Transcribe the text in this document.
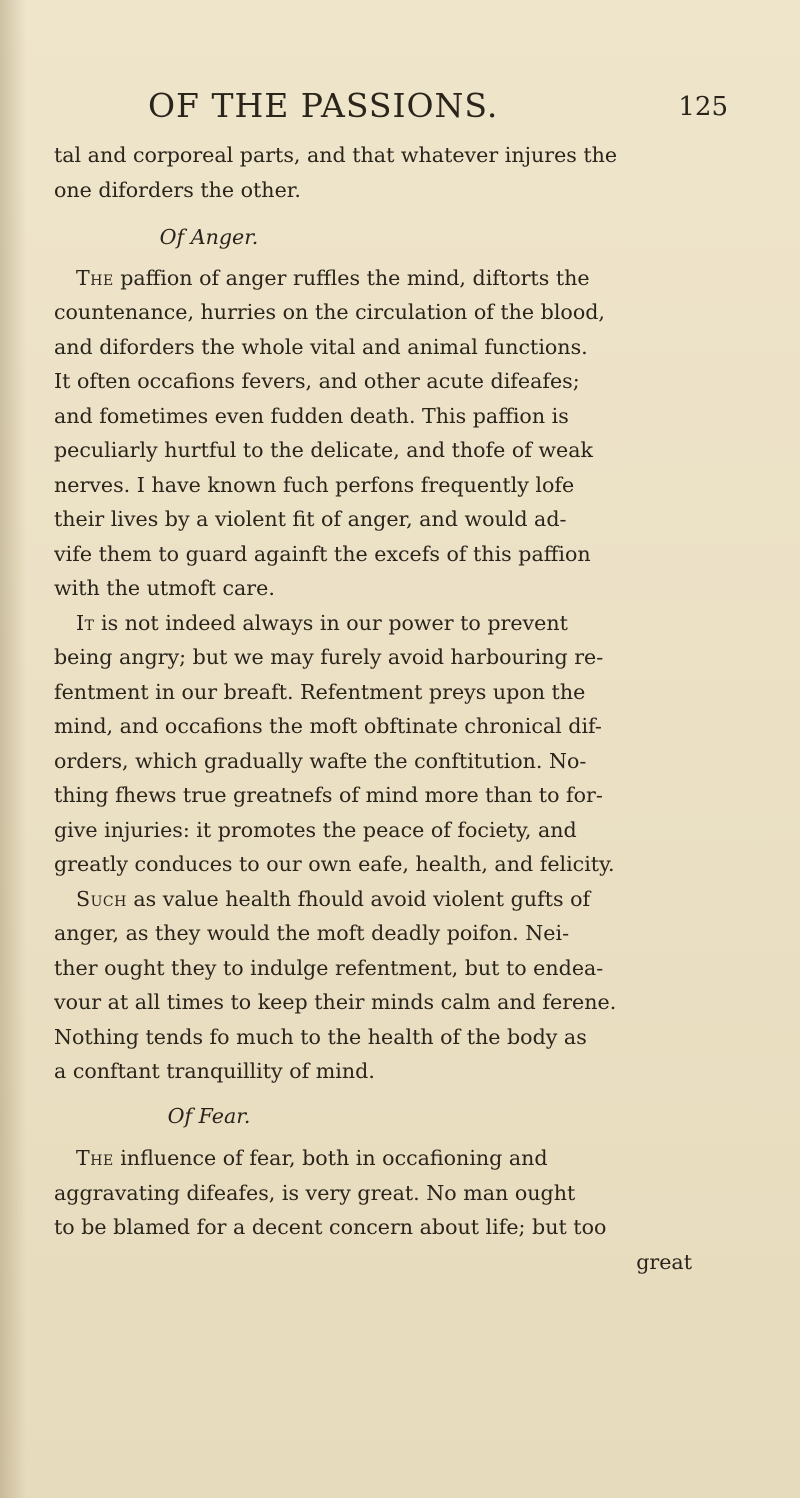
OF THE PASSIONS.	125
tal and corporeal parts, and that whatever injures the
one diforders the other.
Of Anger.
The paffion of anger ruffles the mind, diftorts the
countenance, hurries on the circulation of the blood,
and diforders the whole vital and animal functions.
It often occafions fevers, and other acute difeafes;
and fometimes even fudden death. This paffion is
peculiarly hurtful to the delicate, and thofe of weak
nerves. I have known fuch perfons frequently lofe
their lives by a violent fit of anger, and would ad-
vife them to guard againft the excefs of this paffion
with the utmoft care.
It is not indeed always in our power to prevent
being angry; but we may furely avoid harbouring re-
fentment in our breaft. Refentment preys upon the
mind, and occafions the moft obftinate chronical dif-
orders, which gradually wafte the conftitution. No-
thing fhews true greatnefs of mind more than to for-
give injuries: it promotes the peace of fociety, and
greatly conduces to our own eafe, health, and felicity.
Such as value health fhould avoid violent gufts of
anger, as they would the moft deadly poifon. Nei-
ther ought they to indulge refentment, but to endea-
vour at all times to keep their minds calm and ferene.
Nothing tends fo much to the health of the body as
a conftant tranquillity of mind.
Of Fear.
The influence of fear, both in occafioning and
aggravating difeafes, is very great. No man ought
to be blamed for a decent concern about life; but too
great
